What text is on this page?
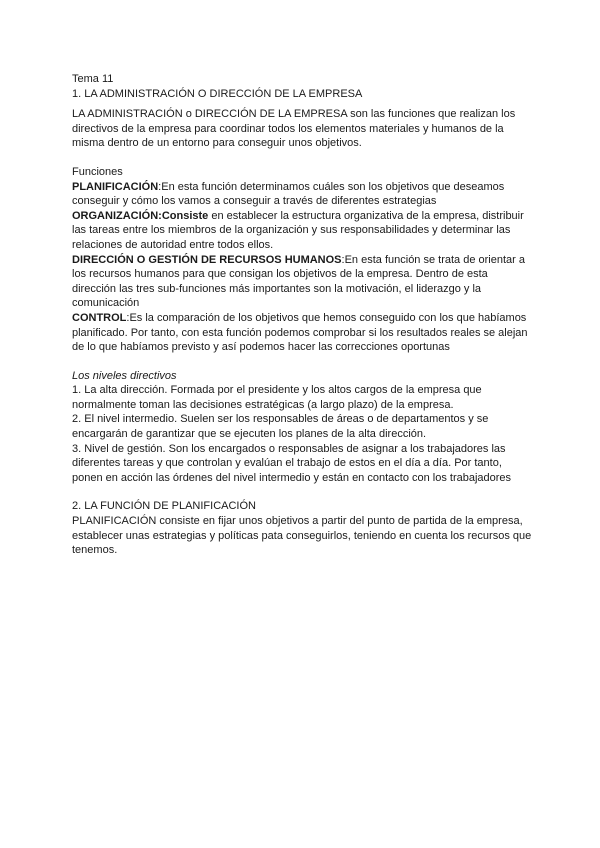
Tema 11

1. LA ADMINISTRACIÓN O DIRECCIÓN DE LA EMPRESA

LA ADMINISTRACIÓN o DIRECCIÓN DE LA EMPRESA son las funciones que realizan los directivos de la empresa para coordinar todos los elementos materiales y humanos de la misma dentro de un entorno para conseguir unos objetivos.

Funciones

PLANIFICACIÓN:En esta función determinamos cuáles son los objetivos que deseamos conseguir y cómo los vamos a conseguir a través de diferentes estrategias

ORGANIZACIÓN:Consiste en establecer la estructura organizativa de la empresa, distribuir las tareas entre los miembros de la organización y sus responsabilidades y determinar las relaciones de autoridad entre todos ellos.

DIRECCIÓN O GESTIÓN DE RECURSOS HUMANOS:En esta función se trata de orientar a los recursos humanos para que consigan los objetivos de la empresa. Dentro de esta dirección las tres sub-funciones más importantes son la motivación, el liderazgo y la comunicación

CONTROL:Es la comparación de los objetivos que hemos conseguido con los que habíamos planificado. Por tanto, con esta función podemos comprobar si los resultados reales se alejan de lo que habíamos previsto y así podemos hacer las correcciones oportunas

Los niveles directivos

1. La alta dirección. Formada por el presidente y los altos cargos de la empresa que normalmente toman las decisiones estratégicas (a largo plazo) de la empresa.

2. El nivel intermedio. Suelen ser los responsables de áreas o de departamentos y se encargarán de garantizar que se ejecuten los planes de la alta dirección.

3. Nivel de gestión. Son los encargados o responsables de asignar a los trabajadores las diferentes tareas y que controlan y evalúan el trabajo de estos en el día a día. Por tanto, ponen en acción las órdenes del nivel intermedio y están en contacto con los trabajadores

2. LA FUNCIÓN DE PLANIFICACIÓN

PLANIFICACIÓN consiste en fijar unos objetivos a partir del punto de partida de la empresa, establecer unas estrategias y políticas pata conseguirlos, teniendo en cuenta los recursos que tenemos.
